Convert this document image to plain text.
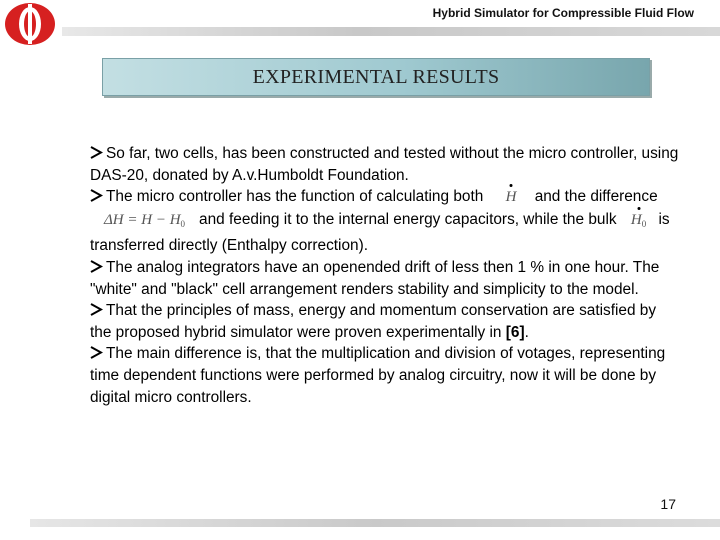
Hybrid Simulator for Compressible Fluid Flow
EXPERIMENTAL RESULTS
So far, two cells, has been constructed and tested without the micro controller, using DAS-20, donated by A.v.Humboldt Foundation.
The micro controller has the function of calculating both H and the difference $\Delta H = H - H_0$ and feeding it to the internal energy capacitors, while the bulk $H_0$ is transferred directly (Enthalpy correction).
The analog integrators have an openended drift of less then 1 % in one hour. The "white" and "black" cell arrangement renders stability and simplicity to the model.
That the principles of mass, energy and momentum conservation are satisfied by the proposed hybrid simulator were proven experimentally in [6].
The main difference is, that the multiplication and division of votages, representing time dependent functions were performed by analog circuitry, now it will be done by digital micro controllers.
17
